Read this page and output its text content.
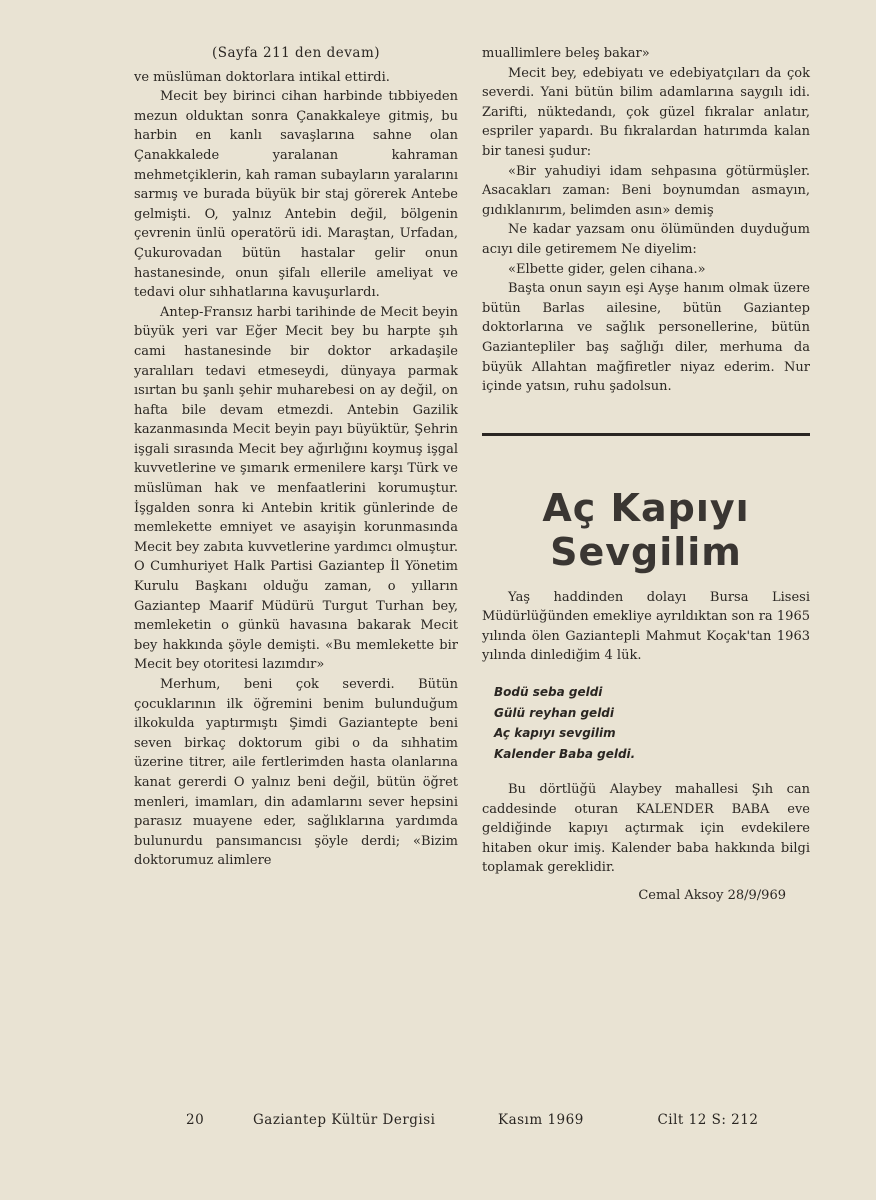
(Sayfa 211 den devam)

ve müslüman doktorlara intikal ettirdi.

Mecit bey birinci cihan harbinde tıbbiyeden mezun olduktan sonra Çanakkaleye gitmiş, bu harbin en kanlı savaşlarına sahne olan Çanakkalede yaralanan kahraman mehmetçiklerin, kah raman subayların yaralarını sarmış ve burada büyük bir staj görerek Antebe gelmişti. O, yalnız Antebin değil, bölgenin çevrenin ünlü operatörü idi. Maraştan, Urfadan, Çukurovadan bütün hastalar gelir onun hastanesinde, onun şifalı ellerile ameliyat ve tedavi olur sıhhatlarına kavuşurlardı.

Antep-Fransız harbi tarihinde de Mecit beyin büyük yeri var Eğer Mecit bey bu harpte şıh cami hastanesinde bir doktor arkadaşile yaralıları tedavi etmeseydi, dünyaya parmak ısırtan bu şanlı şehir muharebesi on ay değil, on hafta bile devam etmezdi. Antebin Gazilik kazanmasında Mecit beyin payı büyüktür, Şehrin işgali sırasında Mecit bey ağırlığını koymuş işgal kuvvetlerine ve şımarık ermenilere karşı Türk ve müslüman hak ve menfaatlerini korumuştur. İşgalden sonra ki Antebin kritik günlerinde de memlekette emniyet ve asayişin korunmasında Mecit bey zabıta kuvvetlerine yardımcı olmuştur. O Cumhuriyet Halk Partisi Gaziantep İl Yönetim Kurulu Başkanı olduğu zaman, o yılların Gaziantep Maarif Müdürü Turgut Turhan bey, memleketin o günkü havasına bakarak Mecit bey hakkında şöyle demişti. «Bu memlekette bir Mecit bey otoritesi lazımdır»

Merhum, beni çok severdi. Bütün çocuklarının ilk öğremini benim bulunduğum ilkokulda yaptırmıştı Şimdi Gaziantepte beni seven birkaç doktorum gibi o da sıhhatim üzerine titrer, aile fertlerimden hasta olanlarına kanat gererdi O yalnız beni değil, bütün öğret menleri, imamları, din adamlarını sever hepsini parasız muayene eder, sağlıklarına yardımda bulunurdu pansımancısı şöyle derdi; «Bizim doktorumuz alimlere

muallimlere beleş bakar»

Mecit bey, edebiyatı ve edebiyatçıları da çok severdi. Yani bütün bilim adamlarına saygılı idi. Zarifti, nüktedandı, çok güzel fıkralar anlatır, espriler yapardı. Bu fıkralardan hatırımda kalan bir tanesi şudur:

«Bir yahudiyi idam sehpasına götürmüşler. Asacakları zaman: Beni boynumdan asmayın, gıdıklanırım, belimden asın» demiş

Ne kadar yazsam onu ölümünden duyduğum acıyı dile getiremem Ne diyelim:

«Elbette gider, gelen cihana.»

Başta onun sayın eşi Ayşe hanım olmak üzere bütün Barlas ailesine, bütün Gaziantep doktorlarına ve sağlık personellerine, bütün Gaziantepliler baş sağlığı diler, merhuma da büyük Allahtan mağfiretler niyaz ederim. Nur içinde yatsın, ruhu şadolsun.

Aç Kapıyı
Sevgilim

Yaş haddinden dolayı Bursa Lisesi Müdürlüğünden emekliye ayrıldıktan son ra 1965 yılında ölen Gaziantepli Mahmut Koçak'tan 1963 yılında dinlediğim 4 lük.

Bodü seba geldi
Gülü reyhan geldi
Aç kapıyı sevgilim
Kalender Baba geldi.

Bu dörtlüğü Alaybey mahallesi Şıh can caddesinde oturan KALENDER BABA eve geldiğinde kapıyı açtırmak için evdekilere hitaben okur imiş. Kalender baba hakkında bilgi toplamak gereklidir.

Cemal Aksoy 28/9/969
20	Gaziantep Kültür Dergisi	Kasım 1969	Cilt 12 S: 212
